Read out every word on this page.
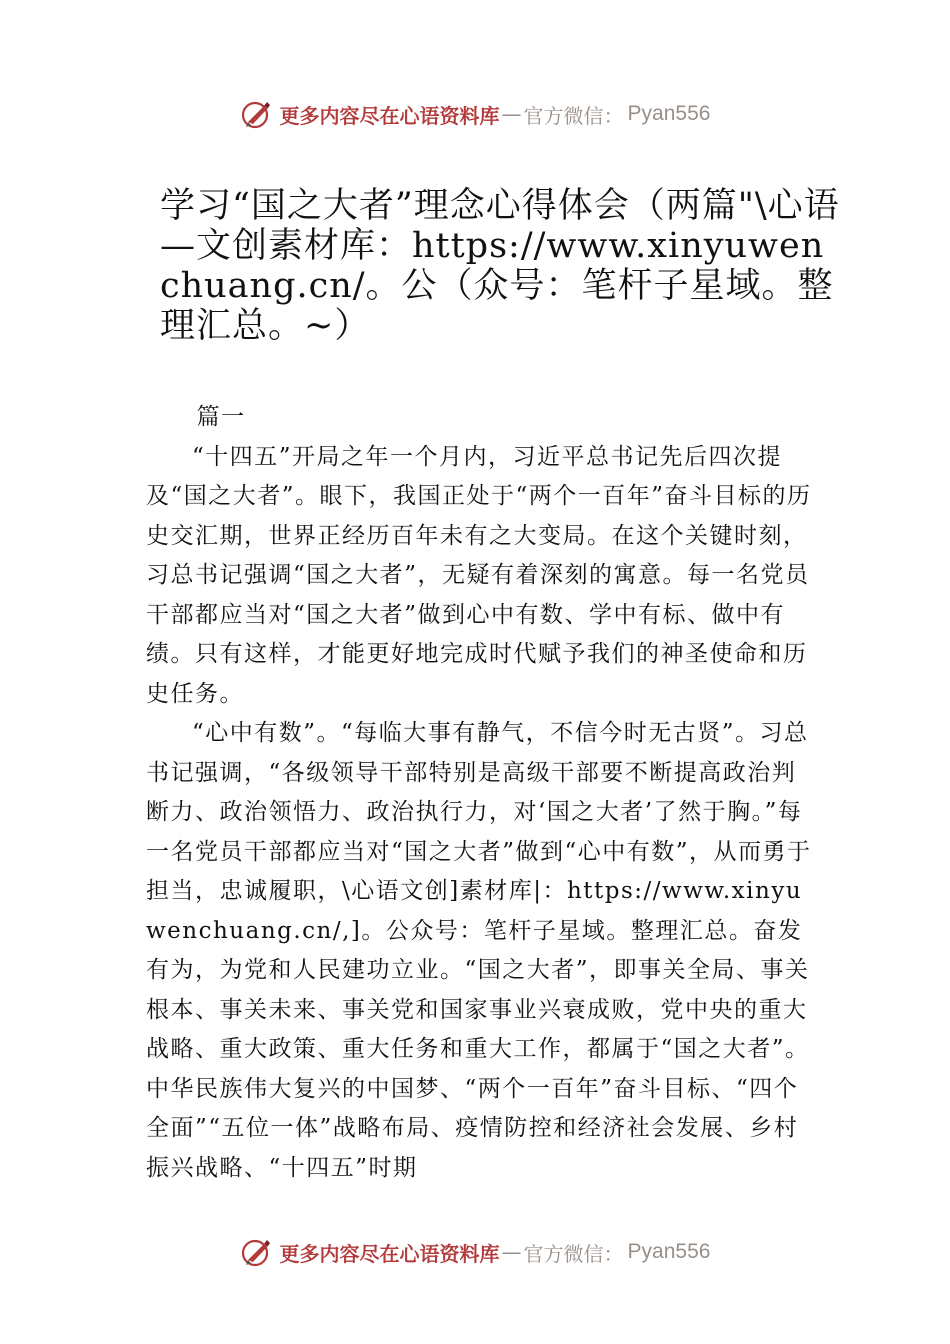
更多内容尽在心语资料库 — 官方微信： Pyan556
学习“国之大者”理念心得体会（两篇"\心语—文创素材库：https://www.xinyuwenchuang.cn/。公（众号：笔杆子星域。整理汇总。~）

篇一

“十四五”开局之年一个月内，习近平总书记先后四次提及“国之大者”。眼下，我国正处于“两个一百年”奋斗目标的历史交汇期，世界正经历百年未有之大变局。在这个关键时刻，习总书记强调“国之大者”，无疑有着深刻的寓意。每一名党员干部都应当对“国之大者”做到心中有数、学中有标、做中有绩。只有这样，才能更好地完成时代赋予我们的神圣使命和历史任务。

“心中有数”。“每临大事有静气，不信今时无古贤”。习总书记强调，“各级领导干部特别是高级干部要不断提高政治判断力、政治领悟力、政治执行力，对‘国之大者’了然于胸。”每一名党员干部都应当对“国之大者”做到“心中有数”，从而勇于担当，忠诚履职，\心语文创]素材库|：https://www.xinyuwenchuang.cn/,]。公众号：笔杆子星域。整理汇总。奋发有为，为党和人民建功立业。“国之大者”，即事关全局、事关根本、事关未来、事关党和国家事业兴衰成败，党中央的重大战略、重大政策、重大任务和重大工作，都属于“国之大者”。中华民族伟大复兴的中国梦、“两个一百年”奋斗目标、“四个全面”“五位一体”战略布局、疫情防控和经济社会发展、乡村振兴战略、“十四五”时期

更多内容尽在心语资料库 — 官方微信： Pyan556
